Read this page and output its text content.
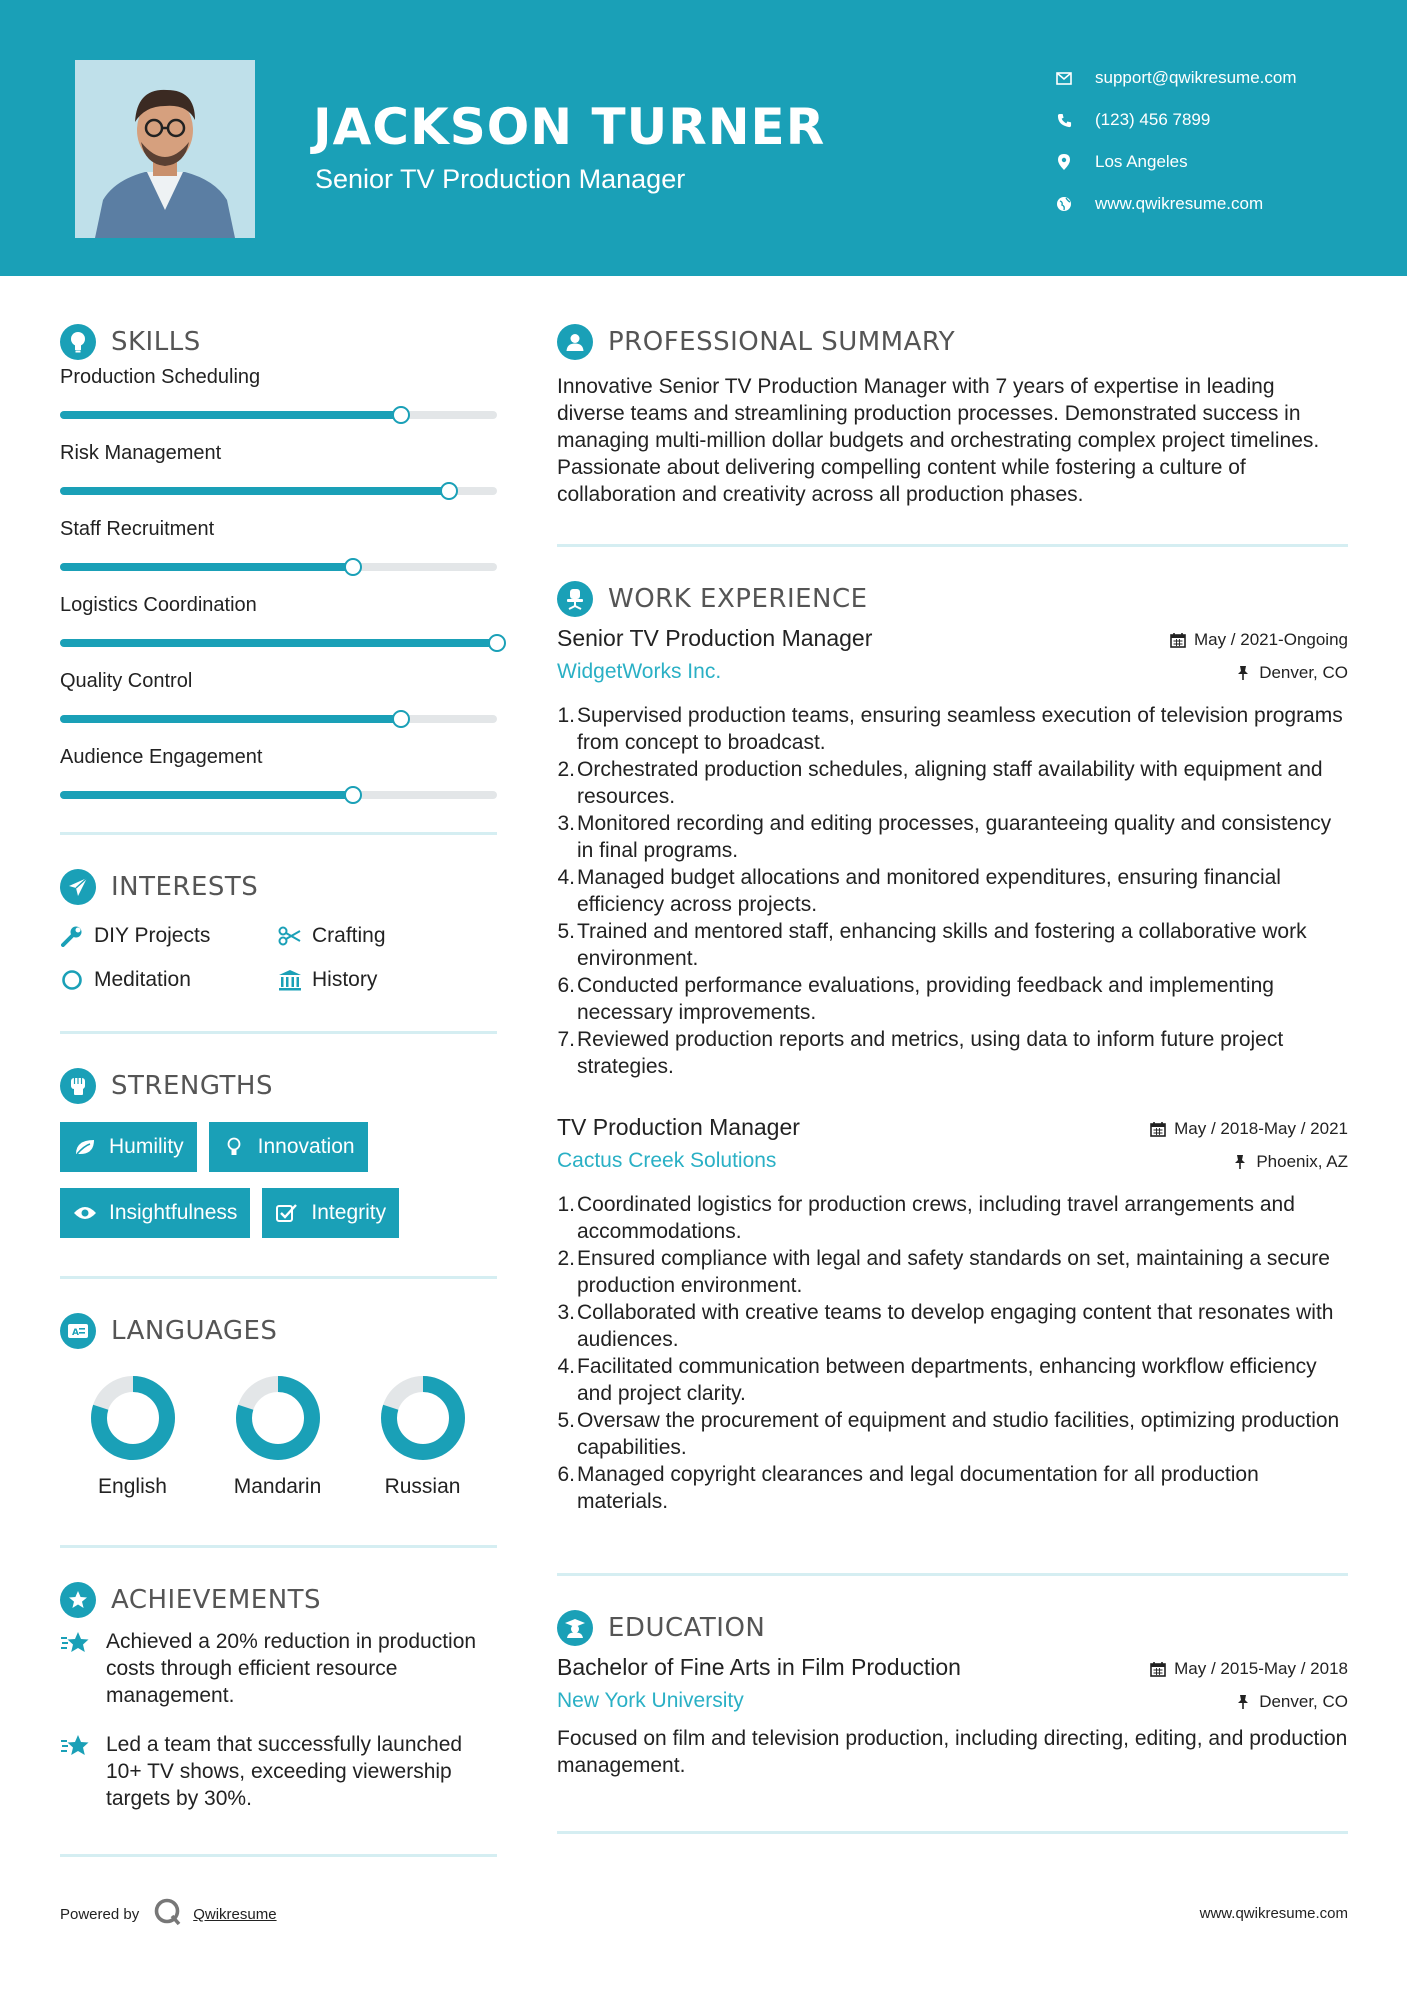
JACKSON TURNER
Senior TV Production Manager
support@qwikresume.com
(123) 456 7899
Los Angeles
www.qwikresume.com
SKILLS
Production Scheduling
Risk Management
Staff Recruitment
Logistics Coordination
Quality Control
Audience Engagement
INTERESTS
DIY Projects	Crafting
Meditation	History
STRENGTHS
Humility	Innovation
Insightfulness	Integrity
A LANGUAGES
English	Mandarin	Russian
ACHIEVEMENTS
Achieved a 20% reduction in production costs through efficient resource management.
Led a team that successfully launched 10+ TV shows, exceeding viewership targets by 30%.
PROFESSIONAL SUMMARY
Innovative Senior TV Production Manager with 7 years of expertise in leading diverse teams and streamlining production processes. Demonstrated success in managing multi-million dollar budgets and orchestrating complex project timelines. Passionate about delivering compelling content while fostering a culture of collaboration and creativity across all production phases.
WORK EXPERIENCE
May / 2021-Ongoing
Denver, CO
Senior TV Production Manager
WidgetWorks Inc.
1. Supervised production teams, ensuring seamless execution of television programs from concept to broadcast.
2. Orchestrated production schedules, aligning staff availability with equipment and resources.
3. Monitored recording and editing processes, guaranteeing quality and consistency in final programs.
4. Managed budget allocations and monitored expenditures, ensuring financial efficiency across projects.
5. Trained and mentored staff, enhancing skills and fostering a collaborative work environment.
6. Conducted performance evaluations, providing feedback and implementing necessary improvements.
7. Reviewed production reports and metrics, using data to inform future project strategies.
May / 2018-May / 2021
Phoenix, AZ
TV Production Manager
Cactus Creek Solutions
1. Coordinated logistics for production crews, including travel arrangements and accommodations.
2. Ensured compliance with legal and safety standards on set, maintaining a secure production environment.
3. Collaborated with creative teams to develop engaging content that resonates with audiences.
4. Facilitated communication between departments, enhancing workflow efficiency and project clarity.
5. Oversaw the procurement of equipment and studio facilities, optimizing production capabilities.
6. Managed copyright clearances and legal documentation for all production materials.
EDUCATION
May / 2015-May / 2018
Denver, CO
Bachelor of Fine Arts in Film Production
New York University
Focused on film and television production, including directing, editing, and production management.
Powered by	Qwikresume	www.qwikresume.com
